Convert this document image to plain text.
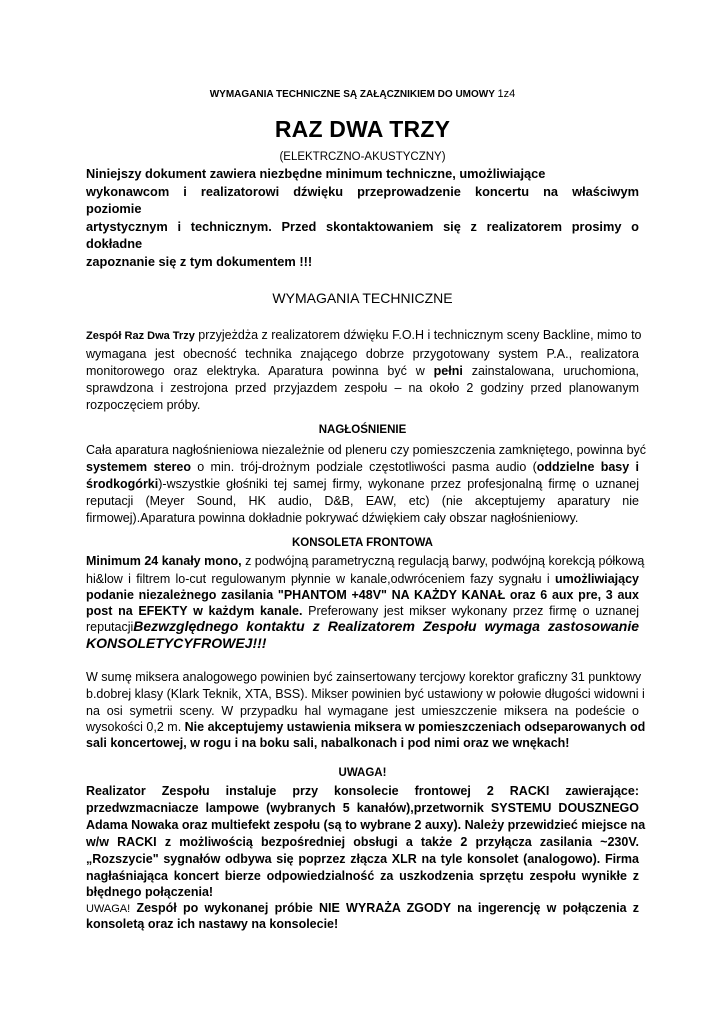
WYMAGANIA TECHNICZNE SĄ ZAŁĄCZNIKIEM DO UMOWY 1z4
RAZ DWA TRZY
(ELEKTRCZNO-AKUSTYCZNY)
Niniejszy dokument zawiera niezbędne minimum techniczne, umożliwiające
wykonawcom i realizatorowi dźwięku przeprowadzenie koncertu na właściwym
poziomie
artystycznym i technicznym. Przed skontaktowaniem się z realizatorem prosimy o
dokładne
zapoznanie się z tym dokumentem !!!
WYMAGANIA TECHNICZNE
Zespół Raz Dwa Trzy przyjeżdża z realizatorem dźwięku F.O.H i technicznym sceny Backline, mimo to
wymagana jest obecność technika znającego dobrze przygotowany system P.A., realizatora
monitorowego oraz elektryka. Aparatura powinna być w pełni zainstalowana, uruchomiona,
sprawdzona i zestrojona przed przyjazdem zespołu – na około 2 godziny przed planowanym
rozpoczęciem próby.
NAGŁOŚNIENIE
Cała aparatura nagłośnieniowa niezależnie od pleneru czy pomieszczenia zamkniętego, powinna być
systemem stereo o min. trój-drożnym podziale częstotliwości pasma audio (oddzielne basy i
środkogórki)-wszystkie głośniki tej samej firmy, wykonane przez profesjonalną firmę o uznanej
reputacji (Meyer Sound, HK audio, D&B, EAW, etc) (nie akceptujemy aparatury nie
firmowej).Aparatura powinna dokładnie pokrywać dźwiękiem cały obszar nagłośnieniowy.
KONSOLETA FRONTOWA
Minimum 24 kanały mono, z podwójną parametryczną regulacją barwy, podwójną korekcją półkową
hi&low i filtrem lo-cut regulowanym płynnie w kanale,odwróceniem fazy sygnału i umożliwiający
podanie niezależnego zasilania "PHANTOM +48V" NA KAŻDY KANAŁ oraz 6 aux pre, 3 aux
post na EFEKTY w każdym kanale. Preferowany jest mikser wykonany przez firmę o uznanej
reputacjiBezwzględnego kontaktu z Realizatorem Zespołu wymaga zastosowanie
KONSOLETYCYFROWEJ!!!
W sumę miksera analogowego powinien być zainsertowany tercjowy korektor graficzny 31 punktowy
b.dobrej klasy (Klark Teknik, XTA, BSS). Mikser powinien być ustawiony w połowie długości widowni i
na osi symetrii sceny. W przypadku hal wymagane jest umieszczenie miksera na podeście o
wysokości 0,2 m. Nie akceptujemy ustawienia miksera w pomieszczeniach odseparowanych od
sali koncertowej, w rogu i na boku sali, nabalkonach i pod nimi oraz we wnękach!
UWAGA!
Realizator Zespołu instaluje przy konsolecie frontowej 2 RACKI zawierające:
przedwzmacniacze lampowe (wybranych 5 kanałów),przetwornik SYSTEMU DOUSZNEGO
Adama Nowaka oraz multiefekt zespołu (są to wybrane 2 auxy). Należy przewidzieć miejsce na
w/w RACKI z możliwością bezpośredniej obsługi a także 2 przyłącza zasilania ~230V.
„Rozszycie" sygnałów odbywa się poprzez złącza XLR na tyle konsolet (analogowo). Firma
nagłaśniająca koncert bierze odpowiedzialność za uszkodzenia sprzętu zespołu wynikłe z
błędnego połączenia!
UWAGA! Zespół po wykonanej próbie NIE WYRAŻA ZGODY na ingerencję w połączenia z
konsoletą oraz ich nastawy na konsolecie!
